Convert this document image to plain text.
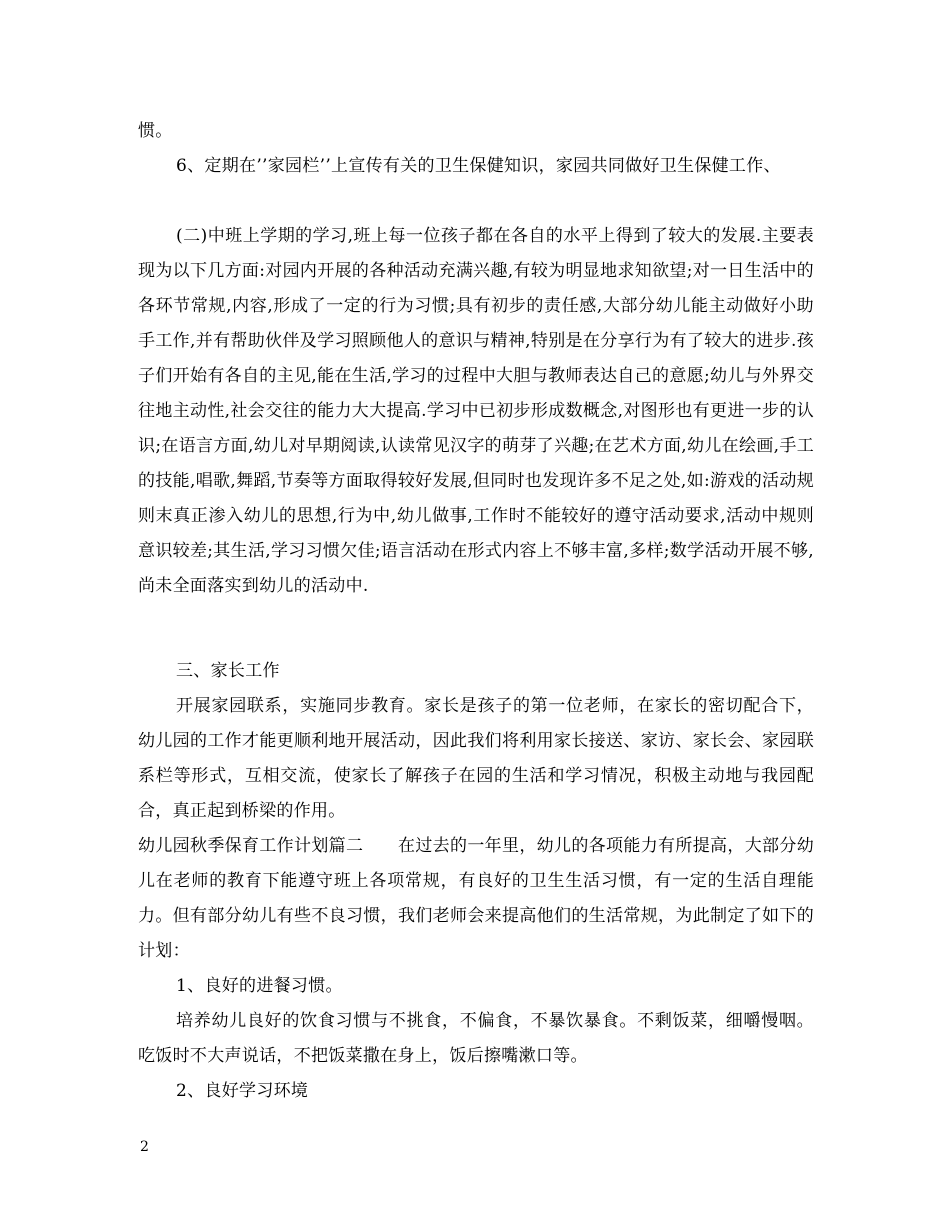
惯。

6、定期在’’家园栏’’上宣传有关的卫生保健知识，家园共同做好卫生保健工作、

(二)中班上学期的学习,班上每一位孩子都在各自的水平上得到了较大的发展.主要表现为以下几方面:对园内开展的各种活动充满兴趣,有较为明显地求知欲望;对一日生活中的各环节常规,内容,形成了一定的行为习惯;具有初步的责任感,大部分幼儿能主动做好小助手工作,并有帮助伙伴及学习照顾他人的意识与精神,特别是在分享行为有了较大的进步.孩子们开始有各自的主见,能在生活,学习的过程中大胆与教师表达自己的意愿;幼儿与外界交往地主动性,社会交往的能力大大提高.学习中已初步形成数概念,对图形也有更进一步的认识;在语言方面,幼儿对早期阅读,认读常见汉字的萌芽了兴趣;在艺术方面,幼儿在绘画,手工的技能,唱歌,舞蹈,节奏等方面取得较好发展,但同时也发现许多不足之处,如:游戏的活动规则末真正渗入幼儿的思想,行为中,幼儿做事,工作时不能较好的遵守活动要求,活动中规则意识较差;其生活,学习习惯欠佳;语言活动在形式内容上不够丰富,多样;数学活动开展不够,尚未全面落实到幼儿的活动中.

三、家长工作

开展家园联系，实施同步教育。家长是孩子的第一位老师，在家长的密切配合下，幼儿园的工作才能更顺利地开展活动，因此我们将利用家长接送、家访、家长会、家园联系栏等形式，互相交流，使家长了解孩子在园的生活和学习情况，积极主动地与我园配合，真正起到桥梁的作用。

幼儿园秋季保育工作计划篇二　　在过去的一年里，幼儿的各项能力有所提高，大部分幼儿在老师的教育下能遵守班上各项常规，有良好的卫生生活习惯，有一定的生活自理能力。但有部分幼儿有些不良习惯，我们老师会来提高他们的生活常规，为此制定了如下的计划：

1、良好的进餐习惯。

培养幼儿良好的饮食习惯与不挑食，不偏食，不暴饮暴食。不剩饭菜，细嚼慢咽。吃饭时不大声说话，不把饭菜撒在身上，饭后擦嘴漱口等。

2、良好学习环境

2
